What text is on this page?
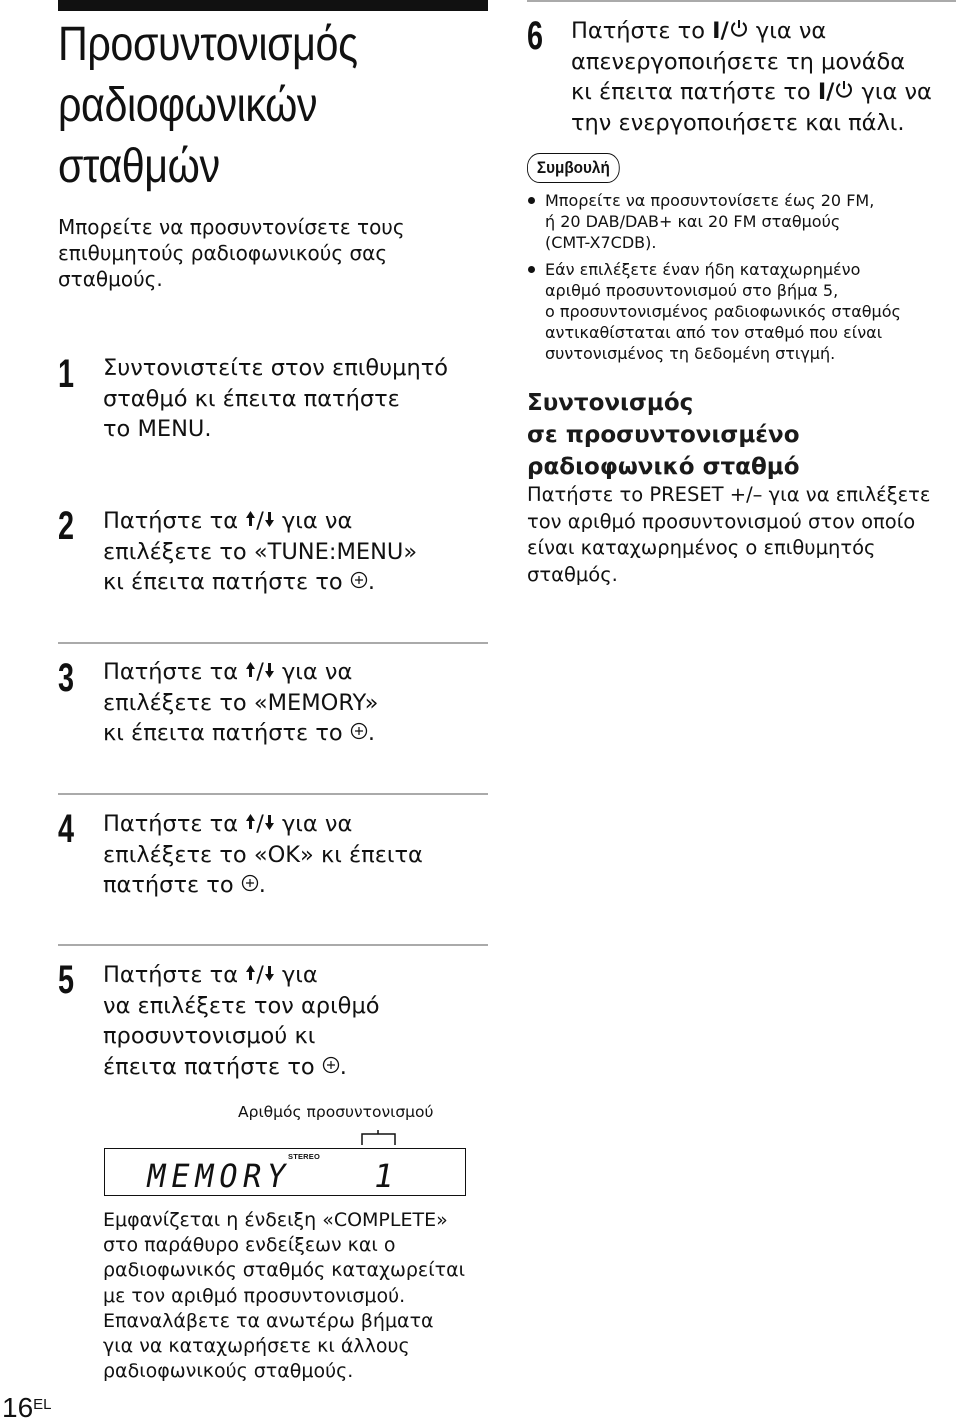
Προσυντονισμός
ραδιοφωνικών
σταθμών
Μπορείτε να προσυντονίσετε τους
επιθυμητούς ραδιοφωνικούς σας
σταθμούς.
1 Συντονιστείτε στον επιθυμητό
σταθμό κι έπειτα πατήστε
το MENU.
2 Πατήστε τα / για να
επιλέξετε το «TUNE:MENU»
κι έπειτα πατήστε το .
3 Πατήστε τα / για να
επιλέξετε το «MEMORY»
κι έπειτα πατήστε το .
4 Πατήστε τα / για να
επιλέξετε το «OK» κι έπειτα
πατήστε το .
5 Πατήστε τα / για
να επιλέξετε τον αριθμό
προσυντονισμού κι
έπειτα πατήστε το .
Αριθμός προσυντονισμού
STEREO
MEMORY 1
Εμφανίζεται η ένδειξη «COMPLETE»
στο παράθυρο ενδείξεων και ο
ραδιοφωνικός σταθμός καταχωρείται
με τον αριθμό προσυντονισμού.
Επαναλάβετε τα ανωτέρω βήματα
για να καταχωρήσετε κι άλλους
ραδιοφωνικούς σταθμούς.
6 Πατήστε το I/ για να
απενεργοποιήσετε τη μονάδα
κι έπειτα πατήστε το I/ για να
την ενεργοποιήσετε και πάλι.
Συμβουλή
Μπορείτε να προσυντονίσετε έως 20 FM,
ή 20 DAB/DAB+ και 20 FM σταθμούς
(CMT-X7CDB).
Εάν επιλέξετε έναν ήδη καταχωρημένο
αριθμό προσυντονισμού στο βήμα 5,
ο προσυντονισμένος ραδιοφωνικός σταθμός
αντικαθίσταται από τον σταθμό που είναι
συντονισμένος τη δεδομένη στιγμή.
Συντονισμός
σε προσυντονισμένο
ραδιοφωνικό σταθμό
Πατήστε το PRESET +/– για να επιλέξετε
τον αριθμό προσυντονισμού στον οποίο
είναι καταχωρημένος ο επιθυμητός
σταθμός.
$16^{EL}$
